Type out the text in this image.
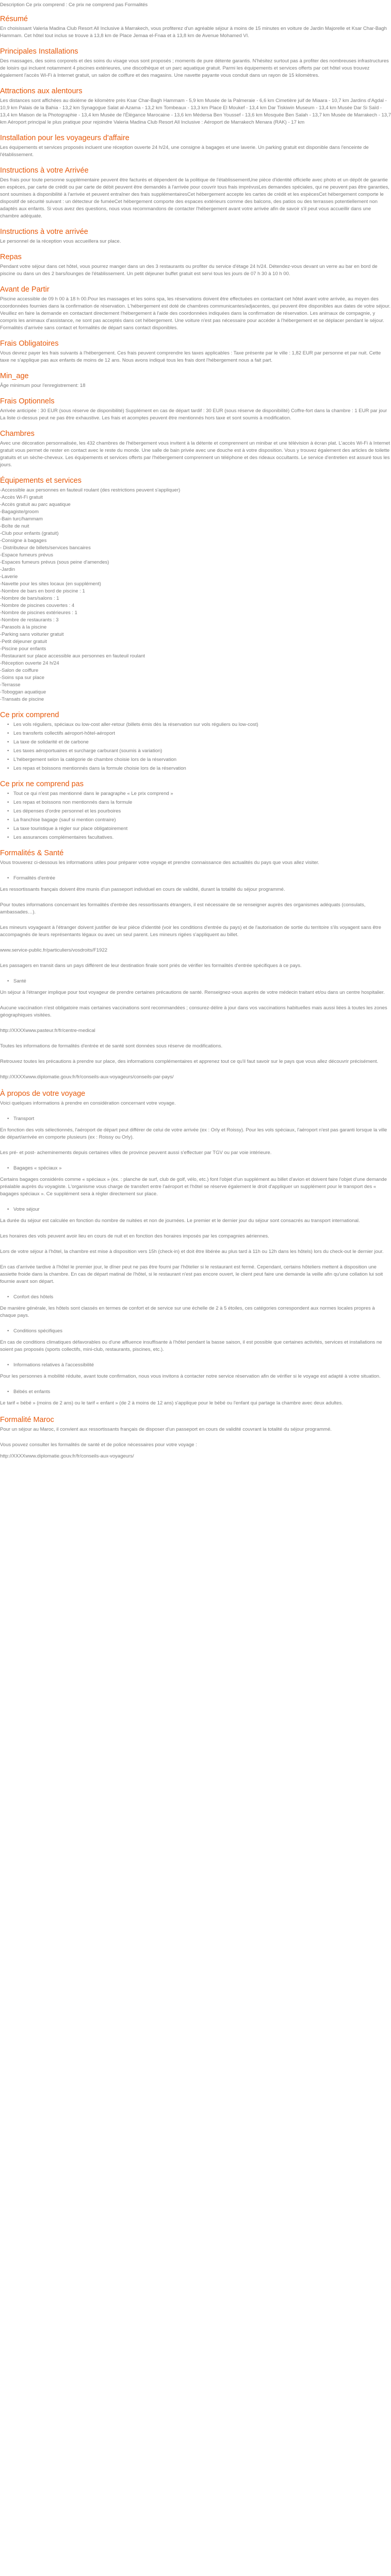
Description Ce prix comprend : Ce prix ne comprend pas Formalités
Résumé

En choisissant Valeria Madina Club Resort All Inclusive à Marrakech, vous profiterez d'un agréable séjour à moins de 15 minutes en voiture de Jardin Majorelle et Ksar Char-Bagh Hammam. Cet hôtel tout inclus se trouve à 13,8 km de Place Jemaa el-Fnaa et à 13,8 km de Avenue Mohamed VI.

Principales Installations

Des massages, des soins corporels et des soins du visage vous sont proposés ; moments de pure détente garantis. N'hésitez surtout pas à profiter des nombreuses infrastructures de loisirs qui incluent notamment 4 piscines extérieures, une discothèque et un parc aquatique gratuit. Parmi les équipements et services offerts par cet hôtel vous trouvez également l'accès Wi-Fi à Internet gratuit, un salon de coiffure et des magasins. Une navette payante vous conduit dans un rayon de 15 kilomètres.

Attractions aux alentours

Les distances sont affichées au dixième de kilomètre près Ksar Char-Bagh Hammam - 5,9 km Musée de la Palmeraie - 6,6 km Cimetière juif de Miaara - 10,7 km Jardins d'Agdal - 10,9 km Palais de la Bahia - 13,2 km Synagogue Salat al-Azama - 13,2 km Tombeaux - 13,3 km Place El Moukef - 13,4 km Dar Tiskiwin Museum - 13,4 km Musée Dar Si Saïd - 13,4 km Maison de la Photographie - 13,4 km Musée de l'Élégance Marocaine - 13,6 km Médersa Ben Youssef - 13,6 km Mosquée Ben Salah - 13,7 km Musée de Marrakech - 13,7 km Aéroport principal le plus pratique pour rejoindre Valeria Madina Club Resort All Inclusive : Aéroport de Marrakech Menara (RAK) - 17 km

Installation pour les voyageurs d'affaire

Les équipements et services proposés incluent une réception ouverte 24 h/24, une consigne à bagages et une laverie. Un parking gratuit est disponible dans l'enceinte de l'établissement.

Instructions à votre Arrivée

Des frais pour toute personne supplémentaire peuvent être facturés et dépendent de la politique de l'établissementUne pièce d'identité officielle avec photo et un dépôt de garantie en espèces, par carte de crédit ou par carte de débit peuvent être demandés à l'arrivée pour couvrir tous frais imprévusLes demandes spéciales, qui ne peuvent pas être garanties, sont soumises à disponibilité à l'arrivée et peuvent entraîner des frais supplémentairesCet hébergement accepte les cartes de crédit et les espècesCet hébergement comporte le dispositif de sécurité suivant : un détecteur de fuméeCet hébergement comporte des espaces extérieurs comme des balcons, des patios ou des terrasses potentiellement non adaptés aux enfants. Si vous avez des questions, nous vous recommandons de contacter l'hébergement avant votre arrivée afin de savoir s'il peut vous accueillir dans une chambre adéquate.

Instructions à votre arrivée

Le personnel de la réception vous accueillera sur place.

Repas

Pendant votre séjour dans cet hôtel, vous pourrez manger dans un des 3 restaurants ou profiter du service d'étage 24 h/24. Détendez-vous devant un verre au bar en bord de piscine ou dans un des 2 bars/lounges de l'établissement. Un petit déjeuner buffet gratuit est servi tous les jours de 07 h 30 à 10 h 00.

Avant de Partir

Piscine accessible de 09 h 00 à 18 h 00.Pour les massages et les soins spa, les réservations doivent être effectuées en contactant cet hôtel avant votre arrivée, au moyen des coordonnées fournies dans la confirmation de réservation. L'hébergement est doté de chambres communicantes/adjacentes, qui peuvent être disponibles aux dates de votre séjour. Veuillez en faire la demande en contactant directement l'hébergement à l'aide des coordonnées indiquées dans la confirmation de réservation. Les animaux de compagnie, y compris les animaux d'assistance, ne sont pas acceptés dans cet hébergement. Une voiture n'est pas nécessaire pour accéder à l'hébergement et se déplacer pendant le séjour. Formalités d'arrivée sans contact et formalités de départ sans contact disponibles.

Frais Obligatoires

Vous devrez payer les frais suivants à l'hébergement. Ces frais peuvent comprendre les taxes applicables : Taxe présente par le ville : 1,82 EUR par personne et par nuit. Cette taxe ne s'applique pas aux enfants de moins de 12 ans. Nous avons indiqué tous les frais dont l'hébergement nous a fait part.

Min_age

Âge minimum pour l'enregistrement: 18

Frais Optionnels

Arrivée anticipée : 30 EUR (sous réserve de disponibilité) Supplément en cas de départ tardif : 30 EUR (sous réserve de disponibilité) Coffre-fort dans la chambre : 1 EUR par jour La liste ci-dessus peut ne pas être exhaustive. Les frais et acomptes peuvent être mentionnés hors taxe et sont soumis à modification.

Chambres

Avec une décoration personnalisée, les 432 chambres de l'hébergement vous invitent à la détente et comprennent un minibar et une télévision à écran plat. L'accès Wi-Fi à Internet gratuit vous permet de rester en contact avec le reste du monde. Une salle de bain privée avec une douche est à votre disposition. Vous y trouvez également des articles de toilette gratuits et un sèche-cheveux. Les équipements et services offerts par l'hébergement comprennent un téléphone et des rideaux occultants. Le service d'entretien est assuré tous les jours.

Équipements et services
-Accessible aux personnes en fauteuil roulant (des restrictions peuvent s'appliquer)
-Accès Wi-Fi gratuit
-Accès gratuit au parc aquatique
-Bagagiste/groom
-Bain turc/hammam
-Boîte de nuit
-Club pour enfants (gratuit)
-Consigne à bagages
- Distributeur de billets/services bancaires
-Espace fumeurs prévus
-Espaces fumeurs prévus (sous peine d'amendes)
-Jardin
-Laverie
-Navette pour les sites locaux (en supplément)
-Nombre de bars en bord de piscine : 1
-Nombre de bars/salons : 1
-Nombre de piscines couvertes : 4
-Nombre de piscines extérieures : 1
-Nombre de restaurants : 3
-Parasols à la piscine
-Parking sans voiturier gratuit
-Petit déjeuner gratuit
-Piscine pour enfants
-Restaurant sur place accessible aux personnes en fauteuil roulant
-Réception ouverte 24 h/24
-Salon de coiffure
-Soins spa sur place
-Terrasse
-Toboggan aquatique
-Transats de piscine
Ce prix comprend
• Les vols réguliers, spéciaux ou low-cost aller-retour (billets émis dès la réservation sur vols réguliers ou low-cost)
• Les transferts collectifs aéroport-hôtel-aéroport
• La taxe de solidarité et de carbone
• Les taxes aéroportuaires et surcharge carburant (soumis à variation)
• L'hébergement selon la catégorie de chambre choisie lors de la réservation
• Les repas et boissons mentionnés dans la formule choisie lors de la réservation
Ce prix ne comprend pas
• Tout ce qui n'est pas mentionné dans le paragraphe « Le prix comprend »
• Les repas et boissons non mentionnés dans la formule
• Les dépenses d'ordre personnel et les pourboires
• La franchise bagage (sauf si mention contraire)
• La taxe touristique à régler sur place obligatoirement
• Les assurances complémentaires facultatives.
Formalités & Santé

Vous trouverez ci-dessous les informations utiles pour préparer votre voyage et prendre connaissance des actualités du pays que vous allez visiter.

• Formalités d'entrée

Les ressortissants français doivent être munis d'un passeport individuel en cours de validité, durant la totalité du séjour programmé.

Pour toutes informations concernant les formalités d'entrée des ressortissants étrangers, il est nécessaire de se renseigner auprès des organismes adéquats (consulats, ambassades…).

Les mineurs voyageant à l'étranger doivent justifier de leur pièce d'identité (voir les conditions d'entrée du pays) et de l'autorisation de sortie du territoire s'ils voyagent sans être accompagnés de leurs représentants légaux ou avec un seul parent. Les mineurs rigées s'appliquent au billet.

www.service-public.fr/particuliers/vosdroits/F1922

Les passagers en transit dans un pays différent de leur destination finale sont priés de vérifier les formalités d'entrée spécifiques à ce pays.

• Santé

Un séjour à l'étranger implique pour tout voyageur de prendre certaines précautions de santé. Renseignez-vous auprès de votre médecin traitant et/ou dans un centre hospitalier.

Aucune vaccination n'est obligatoire mais certaines vaccinations sont recommandées ; consurez-délire à jour dans vos vaccinations habituelles mais aussi liées à toutes les zones géographiques visitées.

http://XXXXwww.pasteur.fr/fr/centre-medical

Toutes les informations de formalités d'entrée et de santé sont données sous réserve de modifications.

Retrouvez toutes les précautions à prendre sur place, des informations complémentaires et apprenez tout ce qu'il faut savoir sur le pays que vous allez découvrir précisément.

http://XXXXwww.diplomatie.gouv.fr/fr/conseils-aux-voyageurs/conseils-par-pays/

À propos de votre voyage

Voici quelques informations à prendre en considération concernant votre voyage.

• Transport

En fonction des vols sélectionnés, l'aéroport de départ peut différer de celui de votre arrivée (ex : Orly et Roissy). Pour les vols spéciaux, l'aéroport n'est pas garanti lorsque la ville de départ/arrivée en comporte plusieurs (ex : Roissy ou Orly).

Les pré- et post- acheminements depuis certaines villes de province peuvent aussi s'effectuer par TGV ou par voie intérieure.

• Bagages « spéciaux »

Certains bagages considérés comme « spéciaux » (ex. : planche de surf, club de golf, vélo, etc.) font l'objet d'un supplément au billet d'avion et doivent faire l'objet d'une demande préalable auprès du voyagiste. L'organisme vous charge de transfert entre l'aéroport et l'hôtel se réserve également le droit d'appliquer un supplément pour le transport des « bagages spéciaux ». Ce supplément sera à régler directement sur place.

• Votre séjour

La durée du séjour est calculée en fonction du nombre de nuitées et non de journées. Le premier et le dernier jour du séjour sont consacrés au transport international.

Les horaires des vols peuvent avoir lieu en cours de nuit et en fonction des horaires imposés par les compagnies aériennes.

Lors de votre séjour à l'hôtel, la chambre est mise à disposition vers 15h (check-in) et doit être libérée au plus tard à 11h ou 12h dans les hôtels) lors du check-out le dernier jour.

En cas d'arrivée tardive à l'hôtel le premier jour, le dîner peut ne pas être fourni par l'hôtelier si le restaurant est fermé. Cependant, certains hôteliers mettent à disposition une assiette froide dans la chambre. En cas de départ matinal de l'hôtel, si le restaurant n'est pas encore ouvert, le client peut faire une demande la veille afin qu'une collation lui soit fournie avant son départ.

• Confort des hôtels

De manière générale, les hôtels sont classés en termes de confort et de service sur une échelle de 2 à 5 étoiles, ces catégories correspondent aux normes locales propres à chaque pays.

• Conditions spécifiques

En cas de conditions climatiques défavorables ou d'une affluence insuffisante à l'hôtel pendant la basse saison, il est possible que certaines activités, services et installations ne soient pas proposés (sports collectifs, mini-club, restaurants, piscines, etc.).

• Informations relatives à l'accessibilité

Pour les personnes à mobilité réduite, avant toute confirmation, nous vous invitons à contacter notre service réservation afin de vérifier si le voyage est adapté à votre situation.

• Bébés et enfants

Le tarif « bébé » (moins de 2 ans) ou le tarif « enfant » (de 2 à moins de 12 ans) s'applique pour le bébé ou l'enfant qui partage la chambre avec deux adultes.

Formalité Maroc

Pour un séjour au Maroc, il convient aux ressortissants français de disposer d'un passeport en cours de validité couvrant la totalité du séjour programmé.

Vous pouvez consulter les formalités de santé et de police nécessaires pour votre voyage :

http://XXXXwww.diplomatie.gouv.fr/fr/conseils-aux-voyageurs/
